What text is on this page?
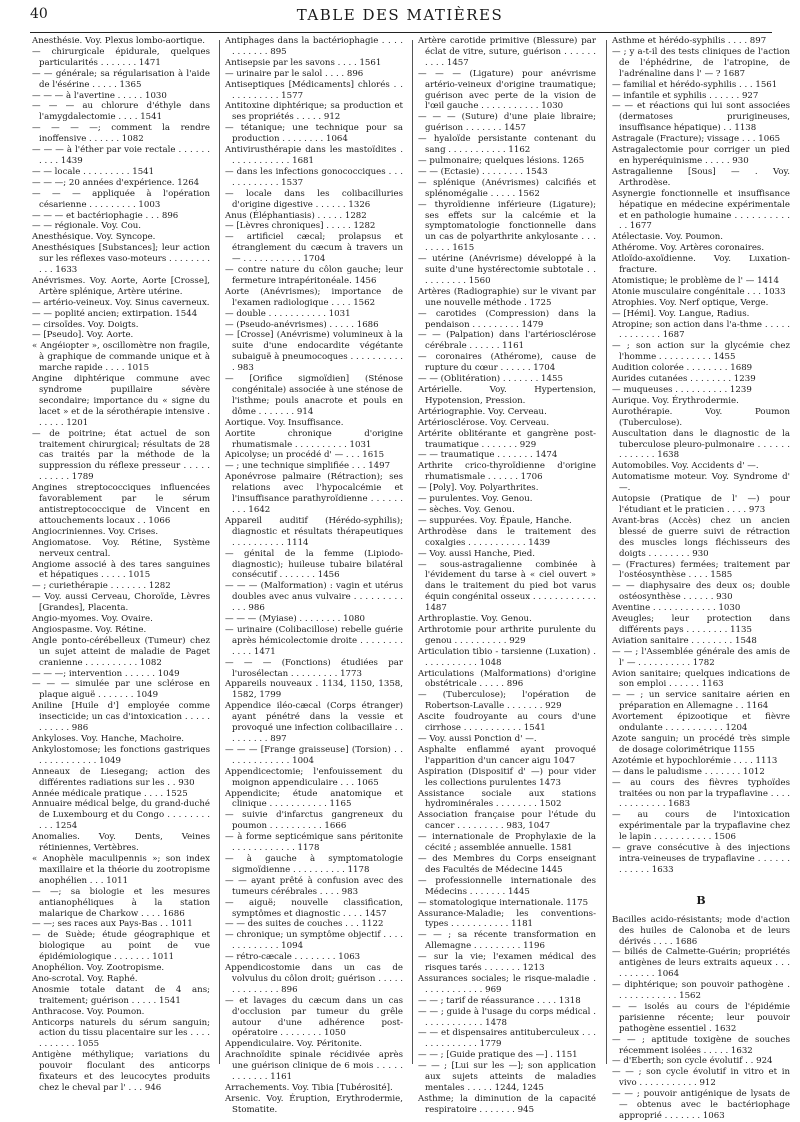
40	TABLE DES MATIÈRES

Anesthésie. Voy. Plexus lombo-aortique.

— chirurgicale épidurale, quelques particularités . . . . . . . 1471

— — générale; sa régularisation à l'aide de l'ésérine . . . . . 1365

— — — à l'avertine . . . . . 1030

— — — au chlorure d'éthyle dans l'amygdalectomie . . . . 1541

— — — —; comment la rendre inoffensive . . . . . . 1082

— — — à l'éther par voie rectale . . . . . . . . . . 1439

— — locale . . . . . . . . . 1541

— — —; 20 années d'expérience. 1264

— — — appliquée à l'opération césarienne . . . . . . . . . 1003

— — — et bactériophagie . . . 896

— — régionale. Voy. Cou.

Anesthésique. Voy. Syncope.

Anesthésiques [Substances]; leur action sur les réflexes vaso-moteurs . . . . . . . . . . . 1633

Anévrismes. Voy. Aorte, Aorte [Crosse], Artère splénique, Artère utérine.

— artério-veineux. Voy. Sinus caverneux.

— — poplité ancien; extirpation. 1544

— cirsoïdes. Voy. Doigts.

— [Pseudo]. Voy. Aorte.

« Angéiopter », oscillomètre non fragile, à graphique de commande unique et à marche rapide . . . . 1015

Angine diphtérique commune avec syndrome pupillaire sévère secondaire; importance du « signe du lacet » et de la sérothérapie intensive . . . . . . 1201

— de poitrine; état actuel de son traitement chirurgical; résultats de 28 cas traités par la méthode de la suppression du réflexe presseur . . . . . . . . . . . 1789

Angines streptococciques influencées favorablement par le sérum antistreptococcique de Vincent en attouchements locaux . . 1066

Angiocriniennes. Voy. Crises.

Angiomatose. Voy. Rétine, Système nerveux central.

Angiome associé à des tares sanguines et hépatiques . . . . . 1015

— ; curiethérapie . . . . . . . 1282

— Voy. aussi Cerveau, Choroïde, Lèvres [Grandes], Placenta.

Angio-myomes. Voy. Ovaire.

Angiospasme. Voy. Rétine.

Angle ponto-cérébelleux (Tumeur) chez un sujet atteint de maladie de Paget cranienne . . . . . . . . . . 1082

— — —; intervention . . . . . . 1049

— — — simulée par une sclérose en plaque aiguë . . . . . . . 1049

Aniline [Huile d'] employée comme insecticide; un cas d'intoxication . . . . . . . . . . . 986

Ankyloses. Voy. Hanche, Machoire.

Ankylostomose; les fonctions gastriques . . . . . . . . . . . 1049

Anneaux de Liesegang; action des différentes radiations sur les . . 930

Année médicale pratique . . . . 1525

Annuaire médical belge, du grand-duché de Luxembourg et du Congo . . . . . . . . . . . 1254

Anomalies. Voy. Dents, Veines rétiniennes, Vertèbres.

« Anophèle maculipennis »; son index maxillaire et la théorie du zootropisme anophélien . . . 1011

— —; sa biologie et les mesures antianophéliques à la station malarique de Charkow . . . . 1686

— —; ses races aux Pays-Bas . . 1011

— de Suède; étude géographique et biologique au point de vue épidémiologique . . . . . . . 1011

Anophélion. Voy. Zootropisme.

Ano-scrotal. Voy. Raphé.

Anosmie totale datant de 4 ans; traitement; guérison . . . . . 1541

Anthracose. Voy. Poumon.

Anticorps naturels du sérum sanguin; action du tissu placentaire sur les . . . . . . . . . . . 1055

Antigène méthylique; variations du pouvoir floculant des anticorps fixateurs et des leucocytes produits chez le cheval par l' . . . 946

Antiphages dans la bactériophagie . . . . . . . . . . . 895

Antisepsie par les savons . . . . 1561

— urinaire par le salol . . . . 896

Antiseptiques [Médicaments] chlorés . . . . . . . . . . . 1577

Antitoxine diphtérique; sa production et ses propriétés . . . . . 912

— tétanique; une technique pour sa production . . . . . . . . 1064

Antivirusthérapie dans les mastoïdites . . . . . . . . . . . . 1681

— dans les infections gonococciques . . . . . . . . . . . . 1537

— locale dans les colibacilluries d'origine digestive . . . . . . 1326

Anus (Éléphantiasis) . . . . . 1282

— [Lèvres chroniques] . . . . . 1282

— artificiel cæcal; prolapsus et étranglement du cæcum à travers un — . . . . . . . . . . . 1704

— contre nature du côlon gauche; leur fermeture intrapéritonéale. 1456

Aorte (Anévrismes); importance de l'examen radiologique . . . . 1562

— double . . . . . . . . . . . 1031

— (Pseudo-anévrismes) . . . . . 1686

— [Crosse] (Anévrisme) volumineux à la suite d'une endocardite végétante subaiguë à pneumocoques . . . . . . . . . . . 983

— [Orifice sigmoïdien] (Sténose congénitale) associée à une sténose de l'isthme; pouls anacrote et pouls en dôme . . . . . . . 914

Aortique. Voy. Insuffisance.

Aortite chronique d'origine rhumatismale . . . . . . . . . . 1031

Apicolyse; un procédé d' — . . . 1615

— ; une technique simplifiée . . . 1497

Aponévrose palmaire (Rétraction); ses relations avec l'hypocalcémie et l'insuffisance parathyroïdienne . . . . . . . . . 1642

Appareil auditif (Hérédo-syphilis); diagnostic et résultats thérapeutiques . . . . . . . . . . 1114

— génital de la femme (Lipiodo-diagnostic); huileuse tubaire bilatéral consécutif . . . . . . . 1456

— — — (Malformation) : vagin et utérus doubles avec anus vulvaire . . . . . . . . . . . . 986

— — — (Myiase) . . . . . . . . 1080

— urinaire (Colibacillose) rebelle guérie après hémicolectomie droite . . . . . . . . . . . . 1471

— — — (Fonctions) étudiées par l'urosélectan . . . . . . . . . 1773

Appareils nouveaux . 1134, 1150, 1358, 1582, 1799

Appendice iléo-cæcal (Corps étranger) ayant pénétré dans la vessie et provoqué une infection colibacillaire . . . . . . . . . 897

— — — [Frange graisseuse] (Torsion) . . . . . . . . . . . . . 1004

Appendicectomie; l'enfouissement du moignon appendiculaire . . . 1065

Appendicite; étude anatomique et clinique . . . . . . . . . . . 1165

— suivie d'infarctus gangreneux du poumon . . . . . . . . . . 1666

— à forme septicémique sans péritonite . . . . . . . . . . . . 1178

— à gauche à symptomatologie sigmoïdienne . . . . . . . . . . 1178

— — ayant prêté à confusion avec des tumeurs cérébrales . . . . 983

— aiguë; nouvelle classification, symptômes et diagnostic . . . . 1457

— — des suites de couches . . . 1122

— chronique; un symptôme objectif . . . . . . . . . . . . . 1094

— rétro-cæcale . . . . . . . . 1063

Appendicostomie dans un cas de volvulus du côlon droit; guérison . . . . . . . . . . . . . . 896

— et lavages du cæcum dans un cas d'occlusion par tumeur du grêle autour d'une adhérence post-opératoire . . . . . . . . 1050

Appendiculaire. Voy. Péritonite.

Arachnoïdite spinale récidivée après une guérison clinique de 6 mois . . . . . . . . . . . . 1161

Arrachements. Voy. Tibia [Tubérosité].

Arsenic. Voy. Éruption, Erythrodermie, Stomatite.

Artère carotide primitive (Blessure) par éclat de vitre, suture, guérison . . . . . . . . . . 1457

— — — (Ligature) pour anévrisme artério-veineux d'origine traumatique; guérison avec perte de la vision de l'œil gauche . . . . . . . . . . . 1030

— — — (Suture) d'une plaie libraire; guérison . . . . . . . 1457

— hyaloïde persistante contenant du sang . . . . . . . . . . . 1162

— pulmonaire; quelques lésions. 1265

— — (Ectasie) . . . . . . . . 1543

— splénique (Anévrismes) calcifiés et splénomégalie . . . . . 1562

— thyroïdienne inférieure (Ligature); ses effets sur la calcémie et la symptomatologie fonctionnelle dans un cas de polyarthrite ankylosante . . . . . . . . 1615

— utérine (Anévrisme) développé à la suite d'une hystérectomie subtotale . . . . . . . . . . 1560

Artères (Radiographie) sur le vivant par une nouvelle méthode . 1725

— carotides (Compression) dans la pendaison . . . . . . . . . 1479

— — (Palpation) dans l'artériosclérose cérébrale . . . . . . 1161

— coronaires (Athérome), cause de rupture du cœur . . . . . . 1704

— — (Oblitération) . . . . . . . 1455

Artérielle. Voy. Hypertension, Hypotension, Pression.

Artériographie. Voy. Cerveau.

Artériosclérose. Voy. Cerveau.

Artérite oblitérante et gangrène post-traumatique . . . . . . . 929

— — traumatique . . . . . . . 1474

Arthrite crico-thyroïdienne d'origine rhumatismale . . . . . . 1706

— [Poly]. Voy. Polyarthrites.

— purulentes. Voy. Genou.

— sèches. Voy. Genou.

— suppurées. Voy. Épaule, Hanche.

Arthrodèse dans le traitement des coxalgies . . . . . . . . . . . 1439

— Voy. aussi Hanche, Pied.

— sous-astragalienne combinée à l'évidement du tarse à « ciel ouvert » dans le traitement du pied bot varus équin congénital osseux . . . . . . . . . . . . 1487

Arthroplastie. Voy. Genou.

Arthrotomie pour arthrite purulente du genou . . . . . . . . . . 929

Articulation tibio - tarsienne (Luxation) . . . . . . . . . . . 1048

Articulations (Malformations) d'origine obstétricale . . . . . 896

— (Tuberculose); l'opération de Robertson-Lavalle . . . . . . . 929

Ascite foudroyante au cours d'une cirrhose . . . . . . . . . . . 1541

— Voy. aussi Ponction d' —.

Asphalte enflammé ayant provoqué l'apparition d'un cancer aigu 1047

Aspiration (Dispositif d' —) pour vider les collections purulentes 1473

Assistance sociale aux stations hydrominérales . . . . . . . . 1502

Association française pour l'étude du cancer . . . . . . . . . 983, 1047

— internationale de Prophylaxie de la cécité ; assemblée annuelle. 1581

— des Membres du Corps enseignant des Facultés de Médecine 1445

— professionnelle internationale des Médecins . . . . . . . 1445

— stomatologique internationale. 1175

Assurance-Maladie; les conventions-types . . . . . . . . . . . 1181

— — ; sa récente transformation en Allemagne . . . . . . . . . 1196

— sur la vie; l'examen médical des risques tarés . . . . . . . 1213

Assurances sociales; le risque-maladie . . . . . . . . . . . . 969

— — ; tarif de réassurance . . . . 1318

— — ; guide à l'usage du corps médical . . . . . . . . . . . . 1478

— — et dispensaires antituberculeux . . . . . . . . . . . . . 1779

— — ; [Guide pratique des —] . 1151

— — ; [Lui sur les —]; son application aux sujets atteints de maladies mentales . . . . . 1244, 1245

Asthme; la diminution de la capacité respiratoire . . . . . . . 945

Asthme et hérédo-syphilis . . . . 897

— ; y a-t-il des tests cliniques de l'action de l'éphédrine, de l'atropine, de l'adrénaline dans l' — ? 1687

— familial et hérédo-syphilis . . . 1561

— infantile et syphilis . . . . . . 927

— — et réactions qui lui sont associées (dermatoses prurigineuses, insuffisance hépatique) . . 1138

Astragale (Fracture); vissage . . . 1065

Astragalectomie pour corriger un pied en hyperéquinisme . . . . . 930

Astragalienne [Sous] — . Voy. Arthrodèse.

Asynergie fonctionnelle et insuffisance hépatique en médecine expérimentale et en pathologie humaine . . . . . . . . . . . . 1677

Atélectasie. Voy. Poumon.

Athérome. Voy. Artères coronaires.

Atloïdo-axoïdienne. Voy. Luxation-fracture.

Atomistique; le problème de l' — 1414

Atonie musculaire congénitale . . . 1033

Atrophies. Voy. Nerf optique, Verge.

— [Hémi]. Voy. Langue, Radius.

Atropine; son action dans l'a-thme . . . . . . . . . . . . . 1687

— ; son action sur la glycémie chez l'homme . . . . . . . . . . 1455

Audition colorée . . . . . . . . 1689

Aurides cutanées . . . . . . . . 1239

— muqueuses . . . . . . . . . . 1239

Aurique. Voy. Érythrodermie.

Aurothérapie. Voy. Poumon (Tuberculose).

Auscultation dans le diagnostic de la tuberculose pleuro-pulmonaire . . . . . . . . . . . . . 1638

Automobiles. Voy. Accidents d' —.

Automatisme moteur. Voy. Syndrome d' —.

Autopsie (Pratique de l' —) pour l'étudiant et le praticien . . . . 973

Avant-bras (Accès) chez un ancien blessé de guerre suivi de rétraction des muscles longs fléchisseurs des doigts . . . . . . . . 930

— (Fractures) fermées; traitement par l'ostéosynthèse . . . . 1585

— — diaphysaire des deux os; double ostéosynthèse . . . . . . 930

Aventine . . . . . . . . . . . . 1030

Aveugles; leur protection dans différents pays . . . . . . . . 1135

Aviation sanitaire . . . . . . . . 1548

— — ; l'Assemblée générale des amis de l' — . . . . . . . . . . 1782

Avion sanitaire; quelques indications de son emploi . . . . . . 1163

— — ; un service sanitaire aérien en préparation en Allemagne . . 1164

Avortement épizootique et fièvre ondulante . . . . . . . . . . . 1204

Azote sanguin; un procédé très simple de dosage colorimétrique 1155

Azotémie et hypochlorémie . . . . 1113

— dans le paludisme . . . . . . . 1012

— au cours des fièvres typhoïdes traitées ou non par la trypaflavine . . . . . . . . . . . . . 1683

— au cours de l'intoxication expérimentale par la trypaflavine chez le lapin . . . . . . . . . . . 1506

— grave consécutive à des injections intra-veineuses de trypaflavine . . . . . . . . . . . . 1633

B

Bacilles acido-résistants; mode d'action des huiles de Calonoba et de leurs dérivés . . . . 1686

— biliés de Calmette-Guérin; propriétés antigènes de leurs extraits aqueux . . . . . . . . . . 1064

— diphtérique; son pouvoir pathogène . . . . . . . . . . . . 1562

— — isolés au cours de l'épidémie parisienne récente; leur pouvoir pathogène essentiel . 1632

— — ; aptitude toxigène de souches récemment isolées . . . . . 1632

— d'Eberth; son cycle évolutif . . 924

— — ; son cycle évolutif in vitro et in vivo . . . . . . . . . . . 912

— — ; pouvoir antigénique de lysats de — obtenus avec le bactériophage approprié . . . . . . . 1063
